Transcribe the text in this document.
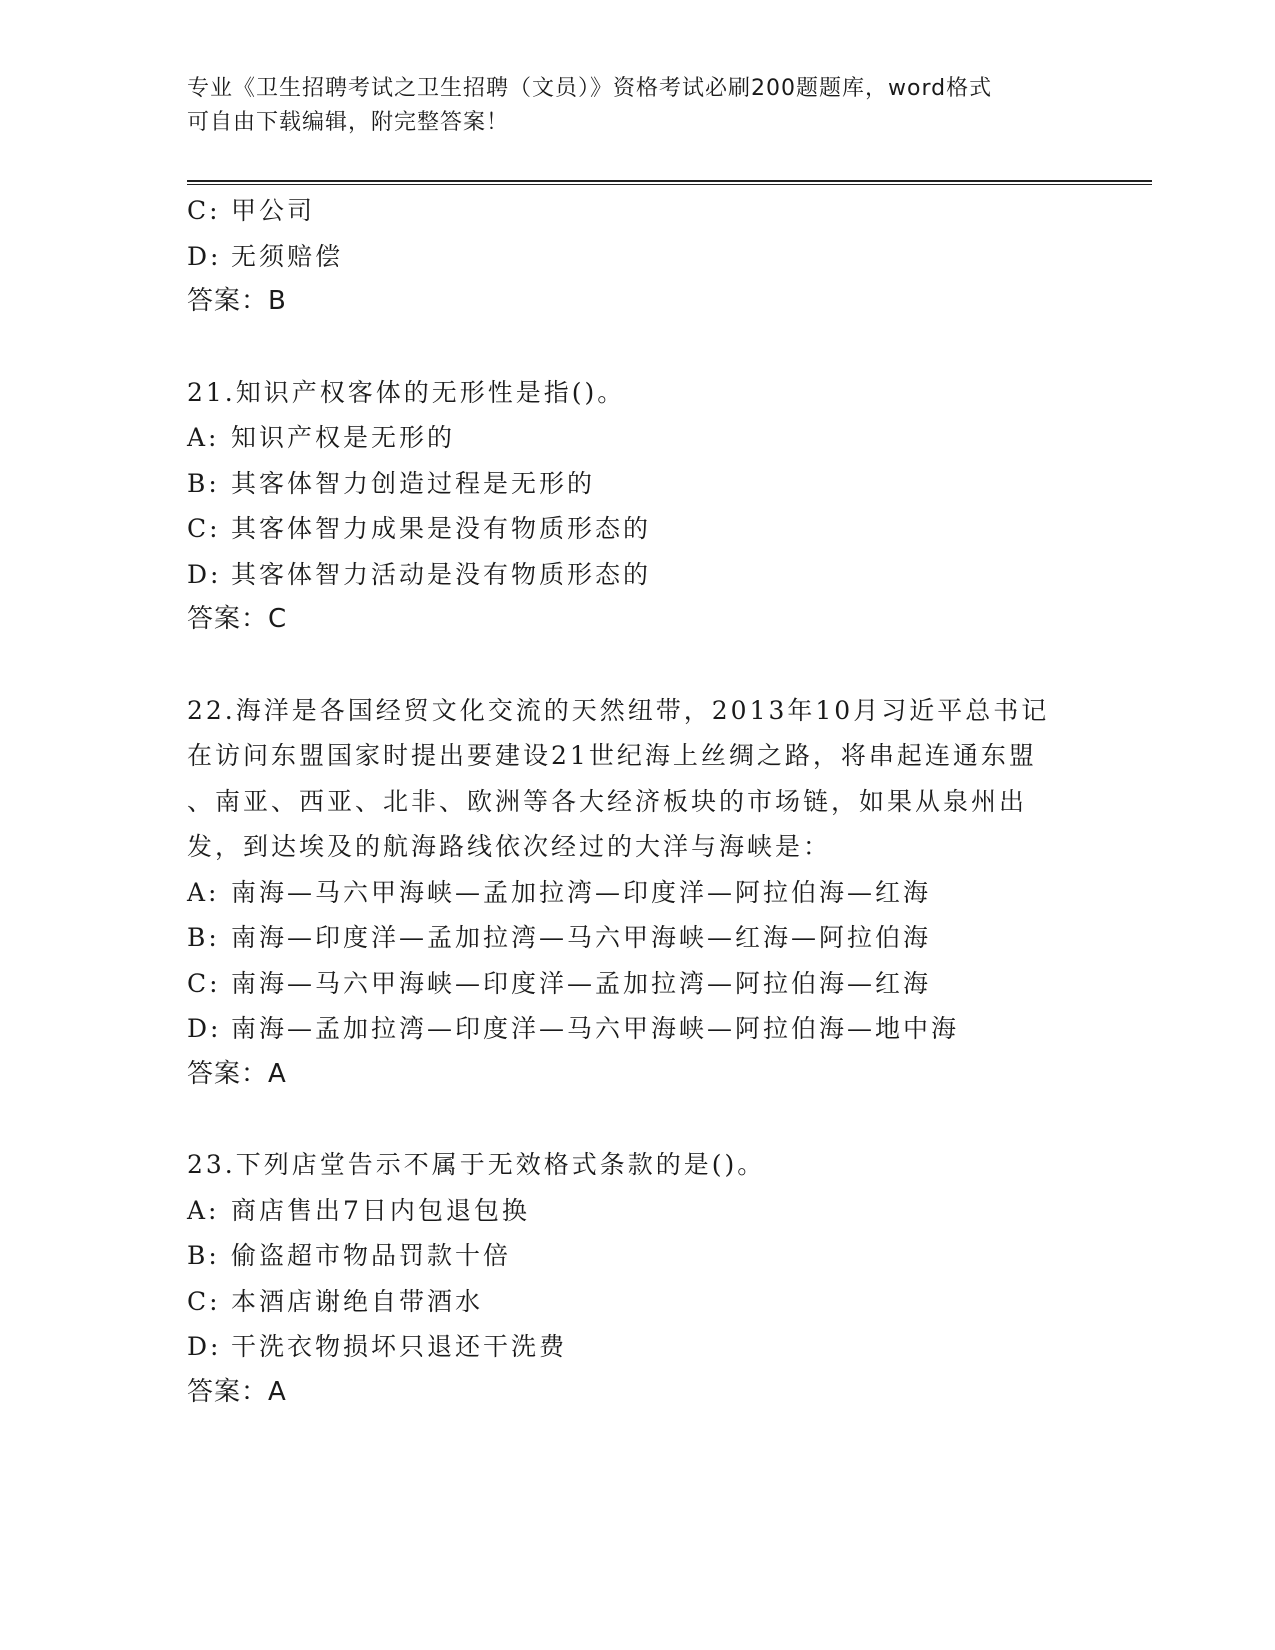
专业《卫生招聘考试之卫生招聘（文员）》资格考试必刷200题题库，word格式
可自由下载编辑，附完整答案！
C: 甲公司
D: 无须赔偿
答案：B
21.知识产权客体的无形性是指()。
A: 知识产权是无形的
B: 其客体智力创造过程是无形的
C: 其客体智力成果是没有物质形态的
D: 其客体智力活动是没有物质形态的
答案：C
22.海洋是各国经贸文化交流的天然纽带，2013年10月习近平总书记
在访问东盟国家时提出要建设21世纪海上丝绸之路，将串起连通东盟
、南亚、西亚、北非、欧洲等各大经济板块的市场链，如果从泉州出
发，到达埃及的航海路线依次经过的大洋与海峡是：
A: 南海—马六甲海峡—孟加拉湾—印度洋—阿拉伯海—红海
B: 南海—印度洋—孟加拉湾—马六甲海峡—红海—阿拉伯海
C: 南海—马六甲海峡—印度洋—孟加拉湾—阿拉伯海—红海
D: 南海—孟加拉湾—印度洋—马六甲海峡—阿拉伯海—地中海
答案：A
23.下列店堂告示不属于无效格式条款的是()。
A: 商店售出7日内包退包换
B: 偷盗超市物品罚款十倍
C: 本酒店谢绝自带酒水
D: 干洗衣物损坏只退还干洗费
答案：A
